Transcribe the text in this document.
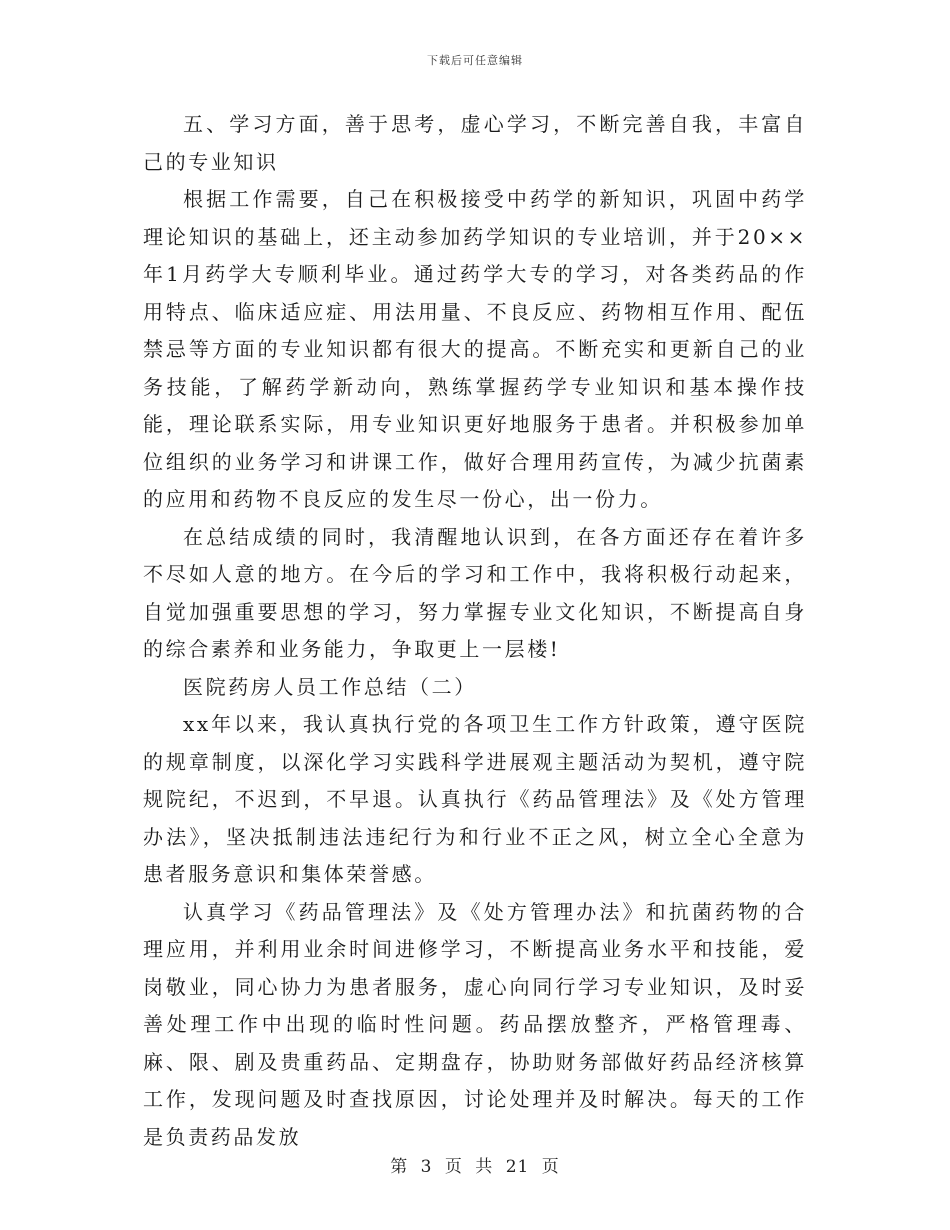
下载后可任意编辑

五、学习方面，善于思考，虚心学习，不断完善自我，丰富自己的专业知识

根据工作需要，自己在积极接受中药学的新知识，巩固中药学理论知识的基础上，还主动参加药学知识的专业培训，并于20××年1月药学大专顺利毕业。通过药学大专的学习，对各类药品的作用特点、临床适应症、用法用量、不良反应、药物相互作用、配伍禁忌等方面的专业知识都有很大的提高。不断充实和更新自己的业务技能，了解药学新动向，熟练掌握药学专业知识和基本操作技能，理论联系实际，用专业知识更好地服务于患者。并积极参加单位组织的业务学习和讲课工作，做好合理用药宣传，为减少抗菌素的应用和药物不良反应的发生尽一份心，出一份力。

在总结成绩的同时，我清醒地认识到，在各方面还存在着许多不尽如人意的地方。在今后的学习和工作中，我将积极行动起来，自觉加强重要思想的学习，努力掌握专业文化知识，不断提高自身的综合素养和业务能力，争取更上一层楼!

医院药房人员工作总结（二）

xx年以来，我认真执行党的各项卫生工作方针政策，遵守医院的规章制度，以深化学习实践科学进展观主题活动为契机，遵守院规院纪，不迟到，不早退。认真执行《药品管理法》及《处方管理办法》，坚决抵制违法违纪行为和行业不正之风，树立全心全意为患者服务意识和集体荣誉感。

认真学习《药品管理法》及《处方管理办法》和抗菌药物的合理应用，并利用业余时间进修学习，不断提高业务水平和技能，爱岗敬业，同心协力为患者服务，虚心向同行学习专业知识，及时妥善处理工作中出现的临时性问题。药品摆放整齐，严格管理毒、麻、限、剧及贵重药品、定期盘存，协助财务部做好药品经济核算工作，发现问题及时查找原因，讨论处理并及时解决。每天的工作是负责药品发放

第 3 页 共 21 页
